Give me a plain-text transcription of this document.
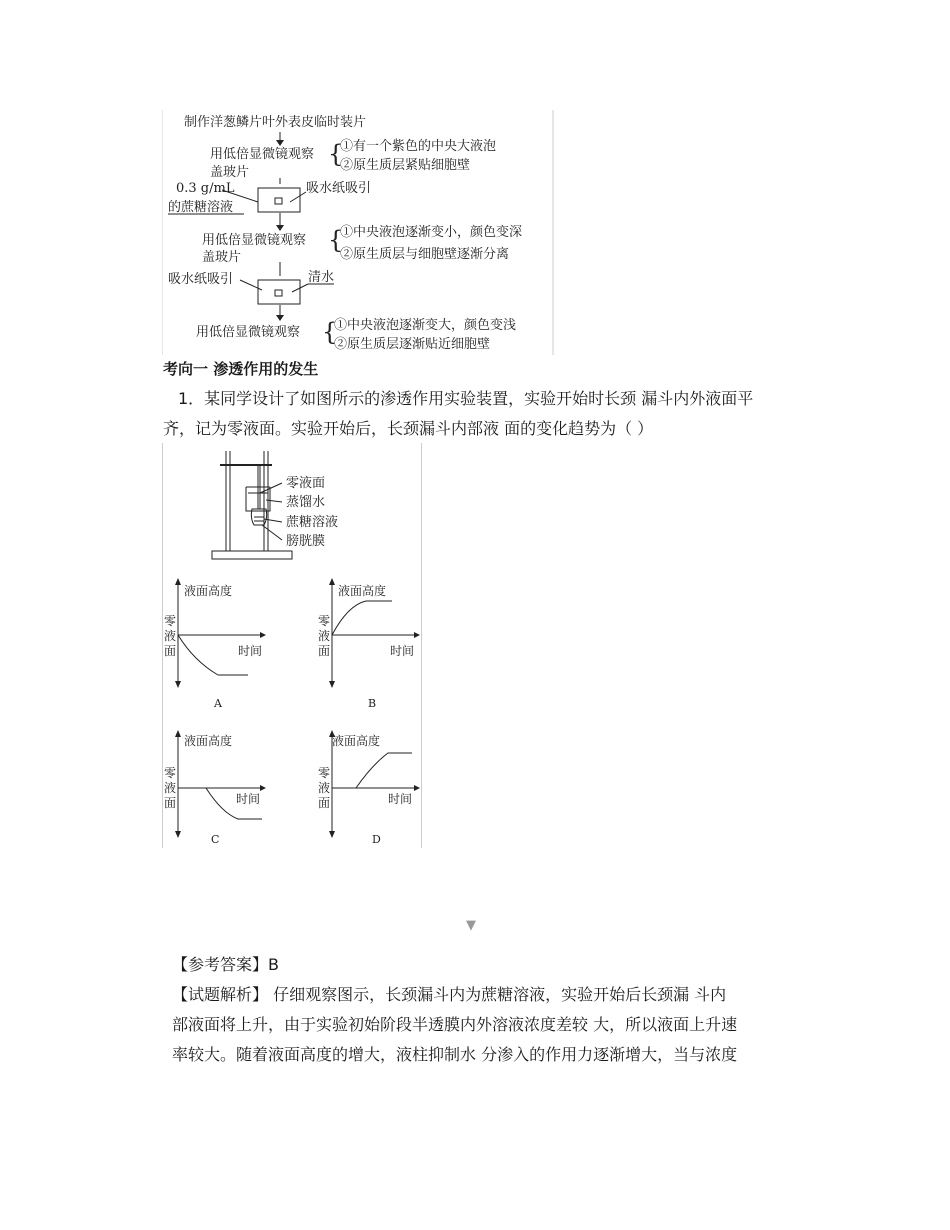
制作洋葱鳞片叶外表皮临时装片
用低倍显微镜观察 {
①有一个紫色的中央大液泡
②原生质层紧贴细胞壁
盖玻片
0.3 g/mL
的蔗糖溶液
吸水纸吸引
用低倍显微镜观察 {
①中央液泡逐渐变小，颜色变深
②原生质层与细胞壁逐渐分离
盖玻片
吸水纸吸引	清水
用低倍显微镜观察 {
①中央液泡逐渐变大，颜色变浅
②原生质层逐渐贴近细胞壁
考向一 渗透作用的发生
1．某同学设计了如图所示的渗透作用实验装置，实验开始时长颈 漏斗内外液面平
齐，记为零液面。实验开始后，长颈漏斗内部液 面的变化趋势为（ ）
零液面
蒸馏水
蔗糖溶液
膀胱膜
液面高度
零
液
面	时间
A
液面高度
零
液
面	时间
B
液面高度
零
液
面	时间
C
液面高度
零
液
面	时间
D
▼
【参考答案】B
【试题解析】 仔细观察图示，长颈漏斗内为蔗糖溶液，实验开始后长颈漏 斗内
部液面将上升，由于实验初始阶段半透膜内外溶液浓度差较 大，所以液面上升速
率较大。随着液面高度的增大，液柱抑制水 分渗入的作用力逐渐增大，当与浓度
